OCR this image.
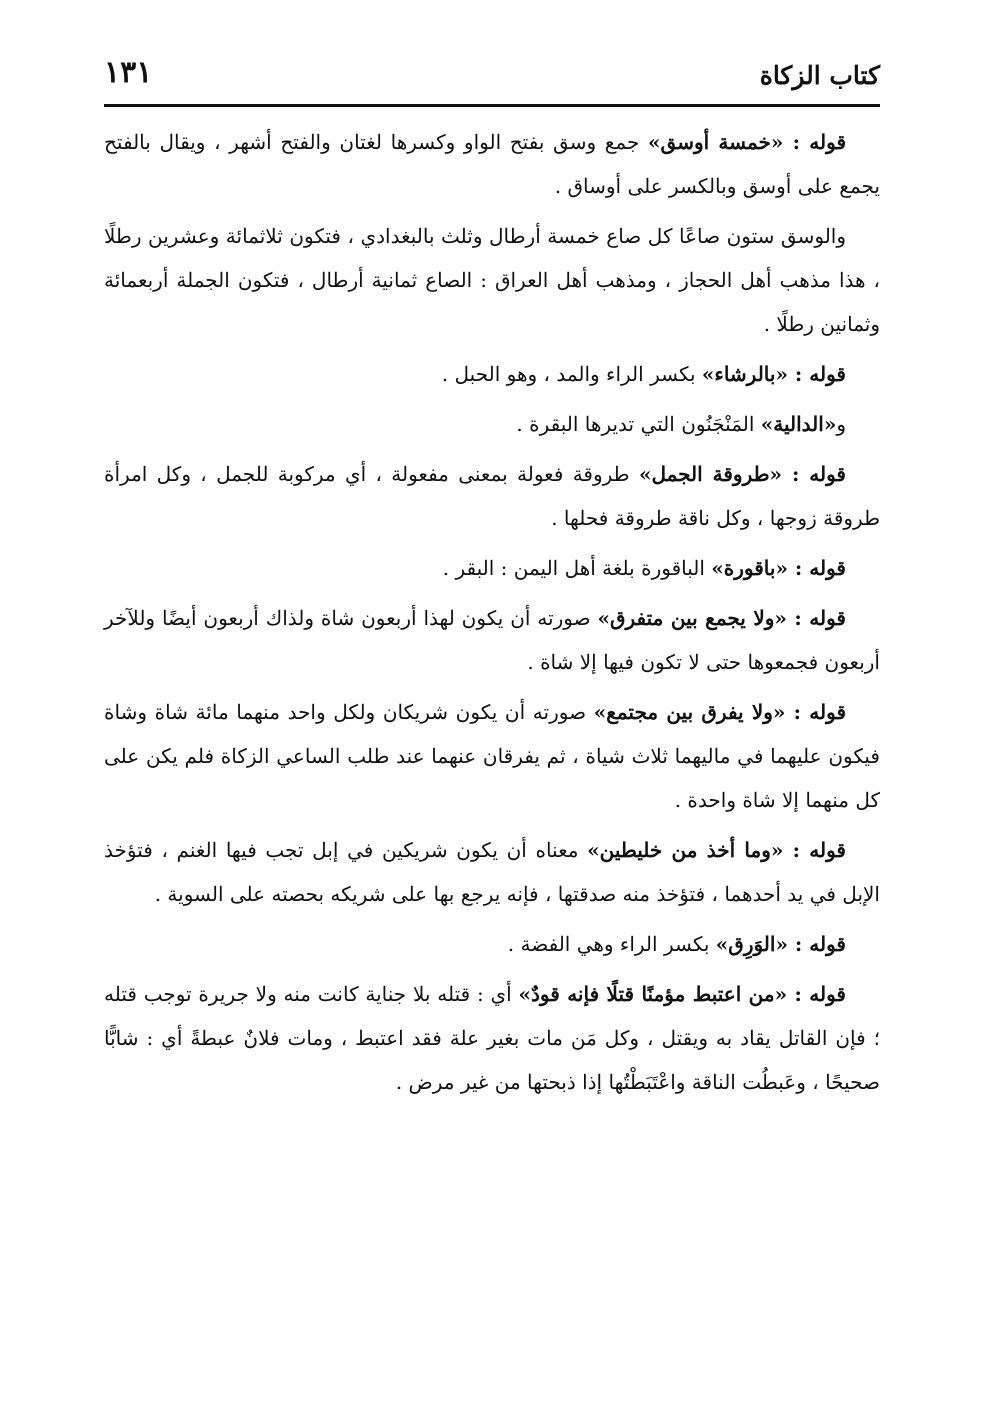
كتاب الزكاة
١٣١

قوله : «خمسة أوسق» جمع وسق بفتح الواو وكسرها لغتان والفتح أشهر ، ويقال بالفتح يجمع على أوسق وبالكسر على أوساق .

والوسق ستون صاعًا كل صاع خمسة أرطال وثلث بالبغدادي ، فتكون ثلاثمائة وعشرين رطلًا ، هذا مذهب أهل الحجاز ، ومذهب أهل العراق : الصاع ثمانية أرطال ، فتكون الجملة أربعمائة وثمانين رطلًا .

قوله : «بالرشاء» بكسر الراء والمد ، وهو الحبل .

و«الدالية» المَنْجَنُون التي تديرها البقرة .

قوله : «طروقة الجمل» طروقة فعولة بمعنى مفعولة ، أي مركوبة للجمل ، وكل امرأة طروقة زوجها ، وكل ناقة طروقة فحلها .

قوله : «باقورة» الباقورة بلغة أهل اليمن : البقر .

قوله : «ولا يجمع بين متفرق» صورته أن يكون لهذا أربعون شاة ولذاك أربعون أيضًا وللآخر أربعون فجمعوها حتى لا تكون فيها إلا شاة .

قوله : «ولا يفرق بين مجتمع» صورته أن يكون شريكان ولكل واحد منهما مائة شاة وشاة فيكون عليهما في ماليهما ثلاث شياة ، ثم يفرقان عنهما عند طلب الساعي الزكاة فلم يكن على كل منهما إلا شاة واحدة .

قوله : «وما أخذ من خليطين» معناه أن يكون شريكين في إبل تجب فيها الغنم ، فتؤخذ الإبل في يد أحدهما ، فتؤخذ منه صدقتها ، فإنه يرجع بها على شريكه بحصته على السوية .

قوله : «الوَرِق» بكسر الراء وهي الفضة .

قوله : «من اعتبط مؤمنًا قتلًا فإنه قودٌ» أي : قتله بلا جناية كانت منه ولا جريرة توجب قتله ؛ فإن القاتل يقاد به ويقتل ، وكل مَن مات بغير علة فقد اعتبط ، ومات فلانٌ عبطةً أي : شابًّا صحيحًا ، وعَبطُت الناقة واعْتَبَطْتُها إذا ذبحتها من غير مرض .
